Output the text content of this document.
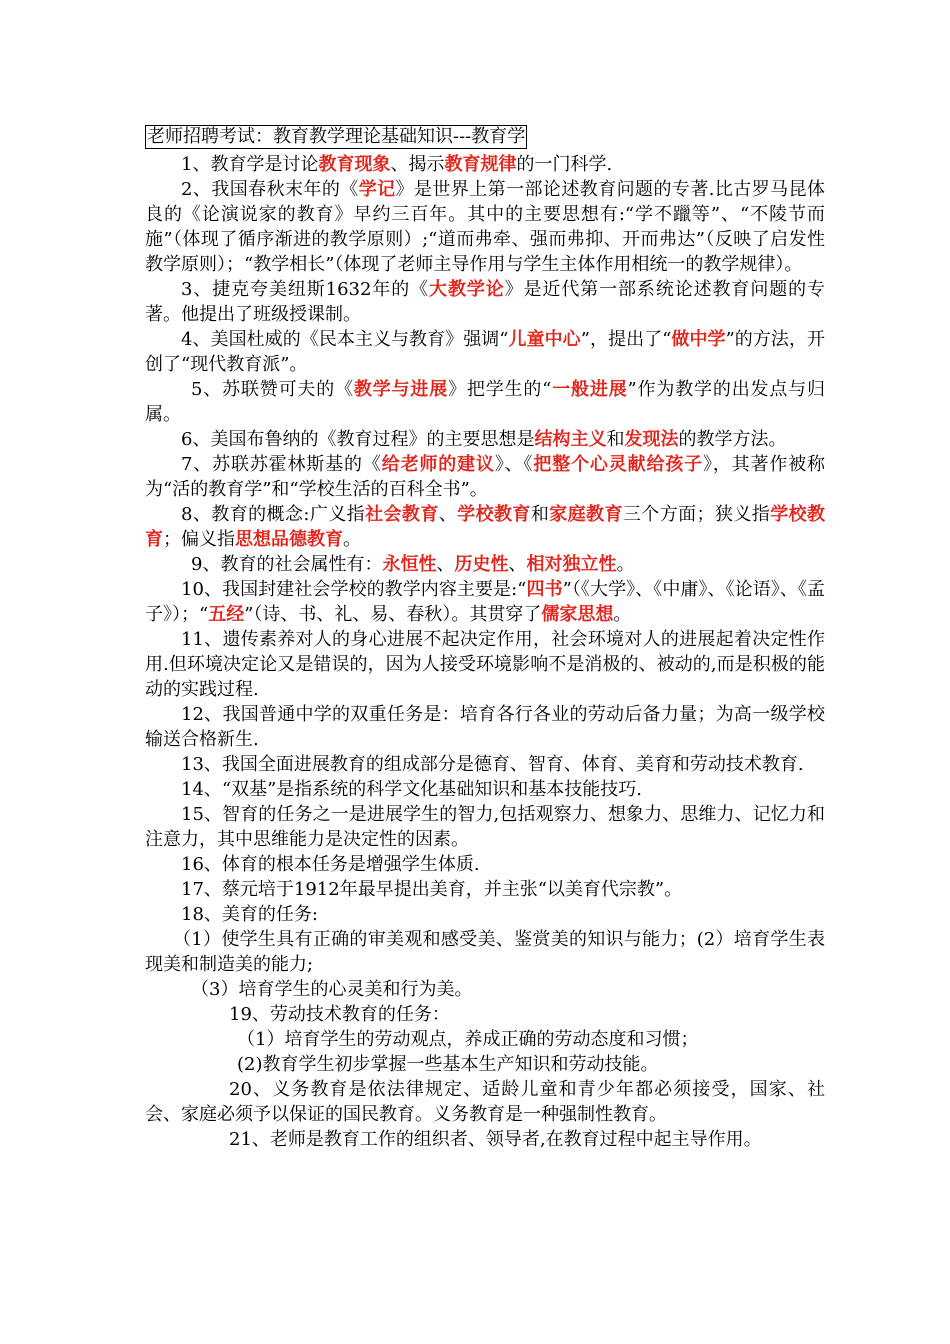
老师招聘考试：教育教学理论基础知识---教育学

1、教育学是讨论教育现象、揭示教育规律的一门科学.

2、我国春秋末年的《学记》是世界上第一部论述教育问题的专著.比古罗马昆体良的《论演说家的教育》早约三百年。其中的主要思想有:“学不躐等”、“不陵节而施”（体现了循序渐进的教学原则）;“道而弗牵、强而弗抑、开而弗达”（反映了启发性教学原则）；“教学相长”（体现了老师主导作用与学生主体作用相统一的教学规律）。

3、捷克夸美纽斯1632年的《大教学论》是近代第一部系统论述教育问题的专著。他提出了班级授课制。

4、美国杜威的《民本主义与教育》强调“儿童中心”，提出了“做中学”的方法，开创了“现代教育派”。

5、苏联赞可夫的《教学与进展》把学生的“一般进展”作为教学的出发点与归属。

6、美国布鲁纳的《教育过程》的主要思想是结构主义和发现法的教学方法。

7、苏联苏霍林斯基的《给老师的建议》、《把整个心灵献给孩子》，其著作被称为“活的教育学”和“学校生活的百科全书”。

8、教育的概念:广义指社会教育、学校教育和家庭教育三个方面；狭义指学校教育；偏义指思想品德教育。

9、教育的社会属性有：永恒性、历史性、相对独立性。

10、我国封建社会学校的教学内容主要是:“四书”（《大学》、《中庸》、《论语》、《孟子》）；“五经”（诗、书、礼、易、春秋）。其贯穿了儒家思想。

11、遗传素养对人的身心进展不起决定作用，社会环境对人的进展起着决定性作用.但环境决定论又是错误的，因为人接受环境影响不是消极的、被动的,而是积极的能动的实践过程.

12、我国普通中学的双重任务是：培育各行各业的劳动后备力量；为高一级学校输送合格新生.

13、我国全面进展教育的组成部分是德育、智育、体育、美育和劳动技术教育.

14、“双基”是指系统的科学文化基础知识和基本技能技巧.

15、智育的任务之一是进展学生的智力,包括观察力、想象力、思维力、记忆力和注意力，其中思维能力是决定性的因素。

16、体育的根本任务是增强学生体质.

17、蔡元培于1912年最早提出美育，并主张“以美育代宗教”。

18、美育的任务:

（1）使学生具有正确的审美观和感受美、鉴赏美的知识与能力；(2）培育学生表现美和制造美的能力;

（3）培育学生的心灵美和行为美。

19、劳动技术教育的任务：

（1）培育学生的劳动观点，养成正确的劳动态度和习惯；

(2)教育学生初步掌握一些基本生产知识和劳动技能。

20、义务教育是依法律规定、适龄儿童和青少年都必须接受，国家、社会、家庭必须予以保证的国民教育。义务教育是一种强制性教育。

21、老师是教育工作的组织者、领导者,在教育过程中起主导作用。
